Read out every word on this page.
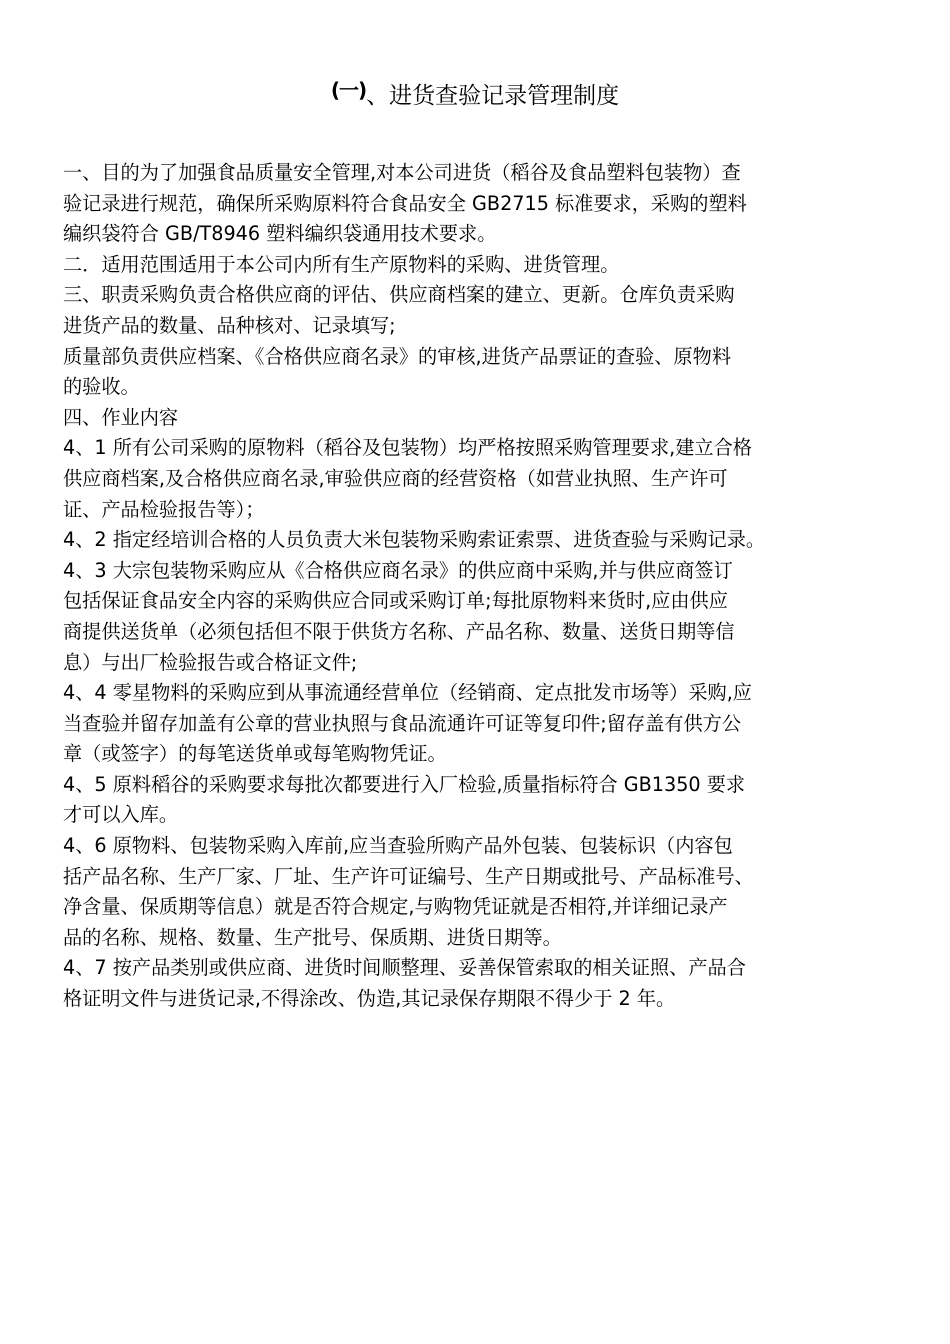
(一)、进货查验记录管理制度
一、目的为了加强食品质量安全管理,对本公司进货（稻谷及食品塑料包装物）查
验记录进行规范，确保所采购原料符合食品安全 GB2715 标准要求，采购的塑料
编织袋符合 GB/T8946 塑料编织袋通用技术要求。
二．适用范围适用于本公司内所有生产原物料的采购、进货管理。
三、职责采购负责合格供应商的评估、供应商档案的建立、更新。仓库负责采购
进货产品的数量、品种核对、记录填写;
质量部负责供应档案、《合格供应商名录》的审核,进货产品票证的查验、原物料
的验收。
四、作业内容
4、1 所有公司采购的原物料（稻谷及包装物）均严格按照采购管理要求,建立合格
供应商档案,及合格供应商名录,审验供应商的经营资格（如营业执照、生产许可
证、产品检验报告等）；
4、2 指定经培训合格的人员负责大米包装物采购索证索票、进货查验与采购记录。
4、3 大宗包装物采购应从《合格供应商名录》的供应商中采购,并与供应商签订
包括保证食品安全内容的采购供应合同或采购订单;每批原物料来货时,应由供应
商提供送货单（必须包括但不限于供货方名称、产品名称、数量、送货日期等信
息）与出厂检验报告或合格证文件;
4、4 零星物料的采购应到从事流通经营单位（经销商、定点批发市场等）采购,应
当查验并留存加盖有公章的营业执照与食品流通许可证等复印件;留存盖有供方公
章（或签字）的每笔送货单或每笔购物凭证。
4、5 原料稻谷的采购要求每批次都要进行入厂检验,质量指标符合 GB1350 要求
才可以入库。
4、6 原物料、包装物采购入库前,应当查验所购产品外包装、包装标识（内容包
括产品名称、生产厂家、厂址、生产许可证编号、生产日期或批号、产品标准号、
净含量、保质期等信息）就是否符合规定,与购物凭证就是否相符,并详细记录产
品的名称、规格、数量、生产批号、保质期、进货日期等。
4、7 按产品类别或供应商、进货时间顺整理、妥善保管索取的相关证照、产品合
格证明文件与进货记录,不得涂改、伪造,其记录保存期限不得少于 2 年。
